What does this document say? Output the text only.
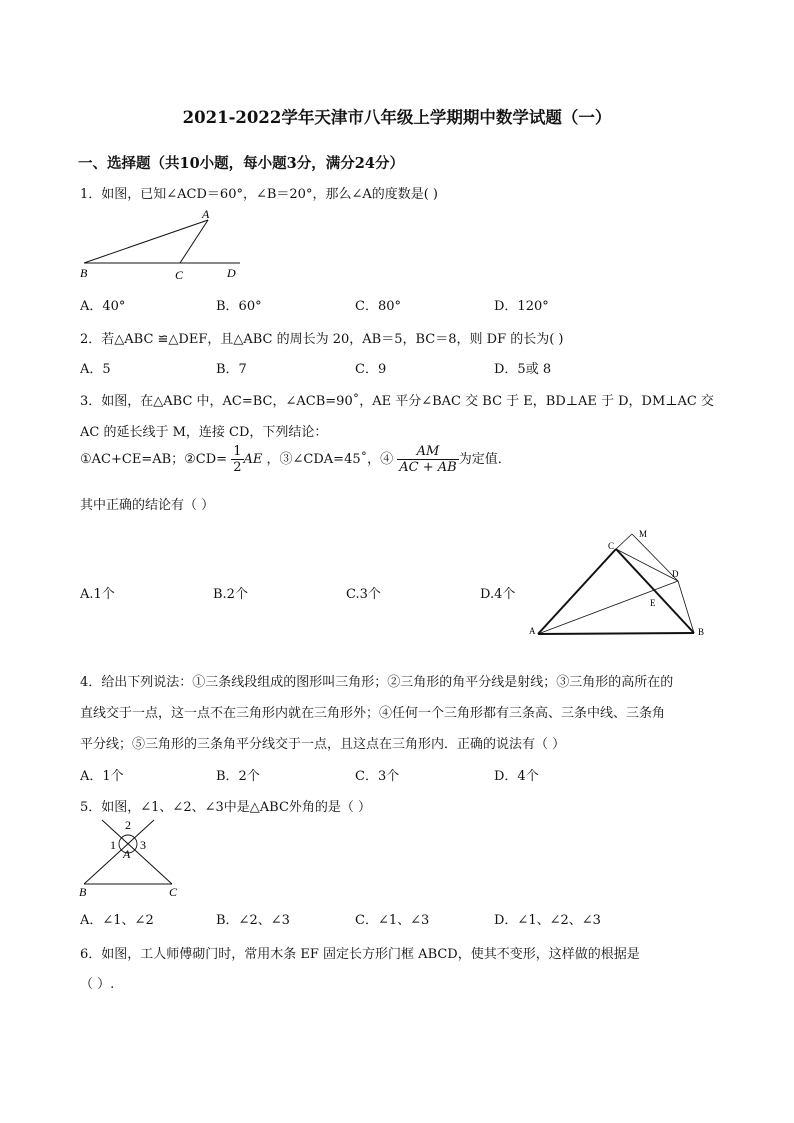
2021-2022学年天津市八年级上学期期中数学试题（一）
一、选择题（共10小题，每小题3分，满分24分）
1．如图，已知∠ACD＝60°，∠B＝20°，那么∠A的度数是( )
A
B	C	D
A．40°	B．60°	C．80°	D．120°
2．若△ABC ≌△DEF，且△ABC 的周长为 20，AB＝5，BC＝8，则 DF 的长为( )
A．5	B．7	C．9	D．5或 8
3．如图，在△ABC 中，AC=BC，∠ACB=90˚，AE 平分∠BAC 交 BC 于 E，BD⊥AE 于 D，DM⊥AC 交
AC 的延长线于 M，连接 CD，下列结论：
①AC+CE=AB；②CD= $\frac{1}{2}$ AE ，③∠CDA=45˚，④ $\frac{AM}{AC + AB}$ 为定值．
其中正确的结论有（ ）
A	B
C
D
E
M
A.1个	B.2个	C.3个	D.4个
4．给出下列说法：①三条线段组成的图形叫三角形；②三角形的角平分线是射线；③三角形的高所在的
直线交于一点，这一点不在三角形内就在三角形外；④任何一个三角形都有三条高、三条中线、三条角
平分线；⑤三角形的三条角平分线交于一点，且这点在三角形内．正确的说法有（ ）
A．1个	B．2个	C．3个	D．4个
5．如图，∠1、∠2、∠3中是△ABC外角的是（ ）
2
1 3
A
B	C
A．∠1、∠2	B．∠2、∠3	C．∠1、∠3	D．∠1、∠2、∠3
6．如图，工人师傅砌门时，常用木条 EF 固定长方形门框 ABCD，使其不变形，这样做的根据是
（ ）.
